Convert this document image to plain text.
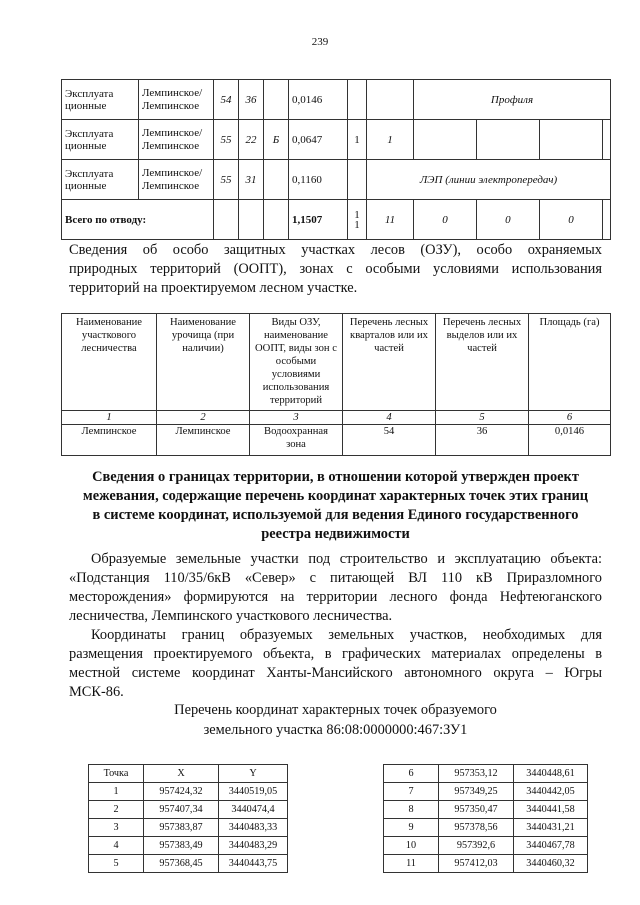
239
Эксплуата ционные	Лемпинское/ Лемпинское	54	36		0,0146			Профиля			
Эксплуата ционные	Лемпинское/ Лемпинское	55	22	Б	0,0647	1	1				
Эксплуата ционные	Лемпинское/ Лемпинское	55	31		0,1160		ЛЭП (линии электропередач)				
Всего по отводу:					1,1507	1 1	11	0	0	0	
Сведения об особо защитных участках лесов (ОЗУ), особо охраняемых
природных территорий (ООПТ), зонах с особыми условиями использования
территорий на проектируемом лесном участке.
Наименование участкового лесничества	Наименование урочища (при наличии)	Виды ОЗУ, наименование ООПТ, виды зон с особыми условиями использования территорий	Перечень лесных кварталов или их частей	Перечень лесных выделов или их частей	Площадь (га)
1	2	3	4	5	6
Лемпинское	Лемпинское	Водоохранная зона	54	36	0,0146
Сведения о границах территории, в отношении которой утвержден проект
межевания, содержащие перечень координат характерных точек этих границ
в системе координат, используемой для ведения Единого государственного
реестра недвижимости
Образуемые земельные участки под строительство и эксплуатацию объекта:
«Подстанция 110/35/6кВ «Север» с питающей ВЛ 110 кВ Приразломного
месторождения» формируются на территории лесного фонда Нефтеюганского
лесничества, Лемпинского участкового лесничества.
Координаты границ образуемых земельных участков, необходимых для
размещения проектируемого объекта, в графических материалах определены в
местной системе координат Ханты-Мансийского автономного округа – Югры
МСК-86.
Перечень координат характерных точек образуемого
земельного участка 86:08:0000000:467:ЗУ1
Точка	X	Y
1	957424,32	3440519,05
2	957407,34	3440474,4
3	957383,87	3440483,33
4	957383,49	3440483,29
5	957368,45	3440443,75
6	957353,12	3440448,61
7	957349,25	3440442,05
8	957350,47	3440441,58
9	957378,56	3440431,21
10	957392,6	3440467,78
11	957412,03	3440460,32
